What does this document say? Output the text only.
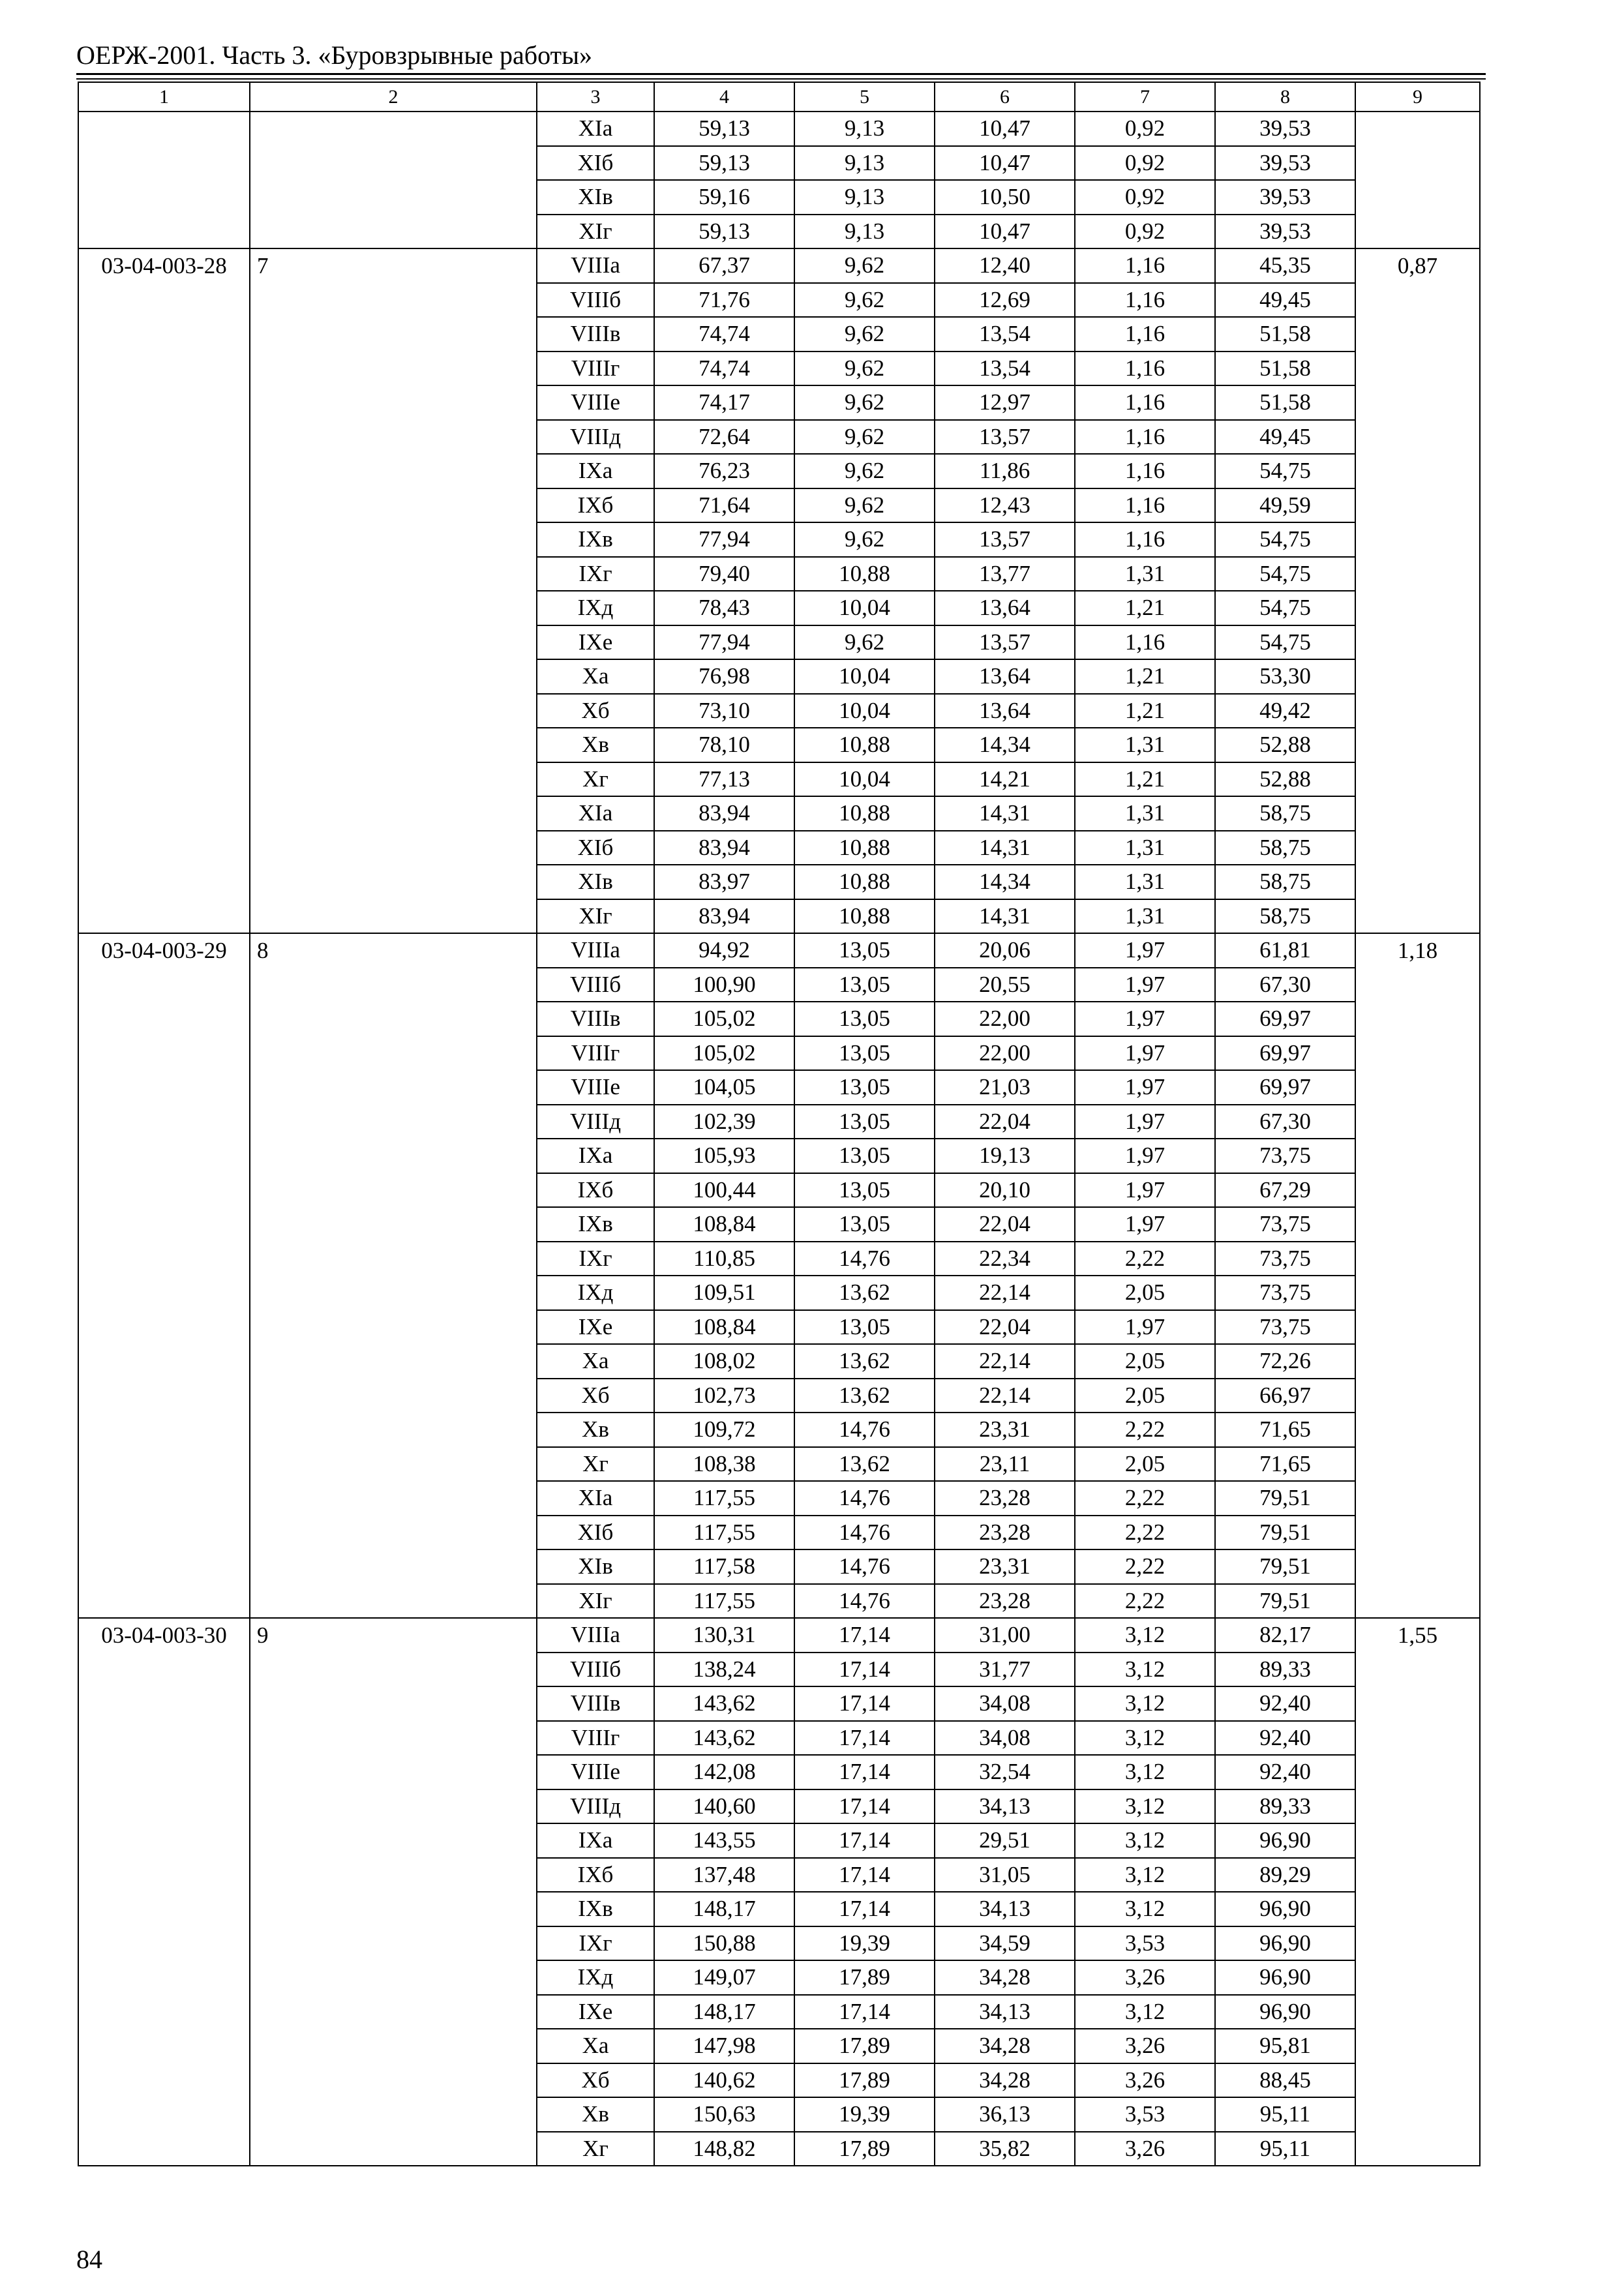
ОЕРЖ-2001. Часть 3. «Буровзрывные работы»
1	2	3	4	5	6	7	8	9
		XIа	59,13	9,13	10,47	0,92	39,53	
		XIб	59,13	9,13	10,47	0,92	39,53	
		XIв	59,16	9,13	10,50	0,92	39,53	
		XIг	59,13	9,13	10,47	0,92	39,53	
03-04-003-28	7	VIIIа	67,37	9,62	12,40	1,16	45,35	0,87
		VIIIб	71,76	9,62	12,69	1,16	49,45	
		VIIIв	74,74	9,62	13,54	1,16	51,58	
		VIIIг	74,74	9,62	13,54	1,16	51,58	
		VIIIе	74,17	9,62	12,97	1,16	51,58	
		VIIIд	72,64	9,62	13,57	1,16	49,45	
		IXа	76,23	9,62	11,86	1,16	54,75	
		IXб	71,64	9,62	12,43	1,16	49,59	
		IXв	77,94	9,62	13,57	1,16	54,75	
		IXг	79,40	10,88	13,77	1,31	54,75	
		IXд	78,43	10,04	13,64	1,21	54,75	
		IXе	77,94	9,62	13,57	1,16	54,75	
		Xа	76,98	10,04	13,64	1,21	53,30	
		Xб	73,10	10,04	13,64	1,21	49,42	
		Xв	78,10	10,88	14,34	1,31	52,88	
		Xг	77,13	10,04	14,21	1,21	52,88	
		XIа	83,94	10,88	14,31	1,31	58,75	
		XIб	83,94	10,88	14,31	1,31	58,75	
		XIв	83,97	10,88	14,34	1,31	58,75	
		XIг	83,94	10,88	14,31	1,31	58,75	
03-04-003-29	8	VIIIа	94,92	13,05	20,06	1,97	61,81	1,18
		VIIIб	100,90	13,05	20,55	1,97	67,30	
		VIIIв	105,02	13,05	22,00	1,97	69,97	
		VIIIг	105,02	13,05	22,00	1,97	69,97	
		VIIIе	104,05	13,05	21,03	1,97	69,97	
		VIIIд	102,39	13,05	22,04	1,97	67,30	
		IXа	105,93	13,05	19,13	1,97	73,75	
		IXб	100,44	13,05	20,10	1,97	67,29	
		IXв	108,84	13,05	22,04	1,97	73,75	
		IXг	110,85	14,76	22,34	2,22	73,75	
		IXд	109,51	13,62	22,14	2,05	73,75	
		IXе	108,84	13,05	22,04	1,97	73,75	
		Xа	108,02	13,62	22,14	2,05	72,26	
		Xб	102,73	13,62	22,14	2,05	66,97	
		Xв	109,72	14,76	23,31	2,22	71,65	
		Xг	108,38	13,62	23,11	2,05	71,65	
		XIа	117,55	14,76	23,28	2,22	79,51	
		XIб	117,55	14,76	23,28	2,22	79,51	
		XIв	117,58	14,76	23,31	2,22	79,51	
		XIг	117,55	14,76	23,28	2,22	79,51	
03-04-003-30	9	VIIIа	130,31	17,14	31,00	3,12	82,17	1,55
		VIIIб	138,24	17,14	31,77	3,12	89,33	
		VIIIв	143,62	17,14	34,08	3,12	92,40	
		VIIIг	143,62	17,14	34,08	3,12	92,40	
		VIIIе	142,08	17,14	32,54	3,12	92,40	
		VIIIд	140,60	17,14	34,13	3,12	89,33	
		IXа	143,55	17,14	29,51	3,12	96,90	
		IXб	137,48	17,14	31,05	3,12	89,29	
		IXв	148,17	17,14	34,13	3,12	96,90	
		IXг	150,88	19,39	34,59	3,53	96,90	
		IXд	149,07	17,89	34,28	3,26	96,90	
		IXе	148,17	17,14	34,13	3,12	96,90	
		Xа	147,98	17,89	34,28	3,26	95,81	
		Xб	140,62	17,89	34,28	3,26	88,45	
		Xв	150,63	19,39	36,13	3,53	95,11	
		Xг	148,82	17,89	35,82	3,26	95,11	
84
